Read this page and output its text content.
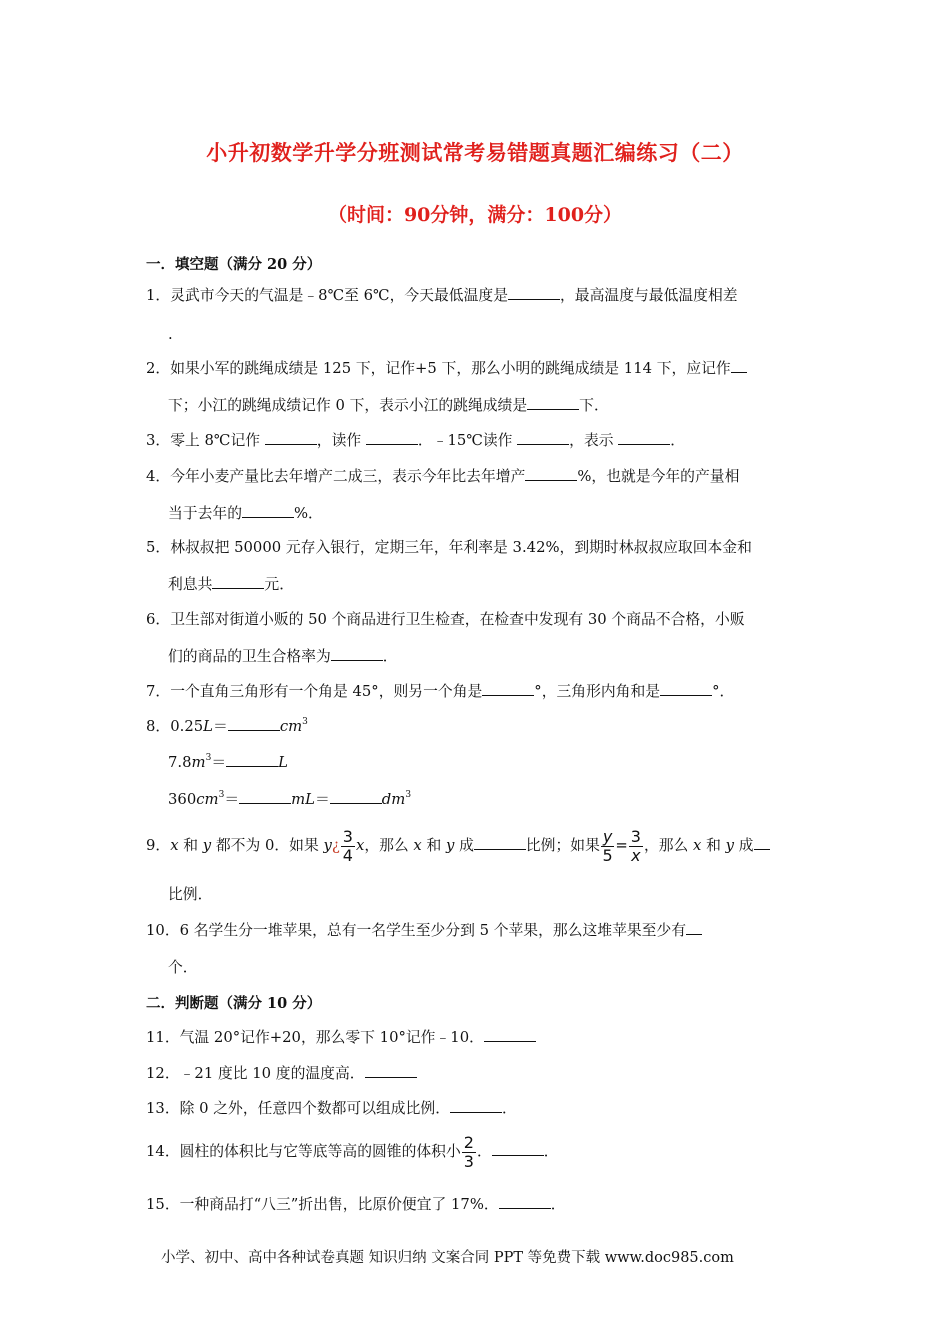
小升初数学升学分班测试常考易错题真题汇编练习（二）
（时间：90分钟，满分：100分）
一．填空题（满分 20 分）
1．灵武市今天的气温是﹣8℃至 6℃，今天最低温度是	，最高温度与最低温度相差
.
2．如果小军的跳绳成绩是 125 下，记作+5 下，那么小明的跳绳成绩是 114 下，应记作
下；小江的跳绳成绩记作 0 下，表示小江的跳绳成绩是	下．
3．零上 8℃记作	，读作	．﹣15℃读作	，表示	．
4．今年小麦产量比去年增产二成三，表示今年比去年增产	%，也就是今年的产量相
当于去年的	%．
5．林叔叔把 50000 元存入银行，定期三年，年利率是 3.42%，到期时林叔叔应取回本金和
利息共	元．
6．卫生部对街道小贩的 50 个商品进行卫生检查，在检查中发现有 30 个商品不合格，小贩
们的商品的卫生合格率为	．
7．一个直角三角形有一个角是 45°，则另一个角是	°，三角形内角和是	°．
8．0.25L＝	$cm^3$
$7.8m^3=$	L
$360cm^3=$	mL＝	$dm^3$
9．x 和 y 都不为 0．如果 y¿ $\frac{3}{4}$ x，那么 x 和 y 成	比例；如果 $\frac{y}{5} = \frac{3}{x}$ ，那么 x 和 y 成
比例．
10．6 名学生分一堆苹果，总有一名学生至少分到 5 个苹果，那么这堆苹果至少有
个．
二．判断题（满分 10 分）
11．气温 20°记作+20，那么零下 10°记作﹣10．
12．﹣21 度比 10 度的温度高．
13．除 0 之外，任意四个数都可以组成比例．	．
14．圆柱的体积比与它等底等高的圆锥的体积小 $\frac{2}{3}$ ．	．
15．一种商品打“八三”折出售，比原价便宜了 17%．	．
小学、初中、高中各种试卷真题 知识归纳 文案合同 PPT 等免费下载 www.doc985.com
